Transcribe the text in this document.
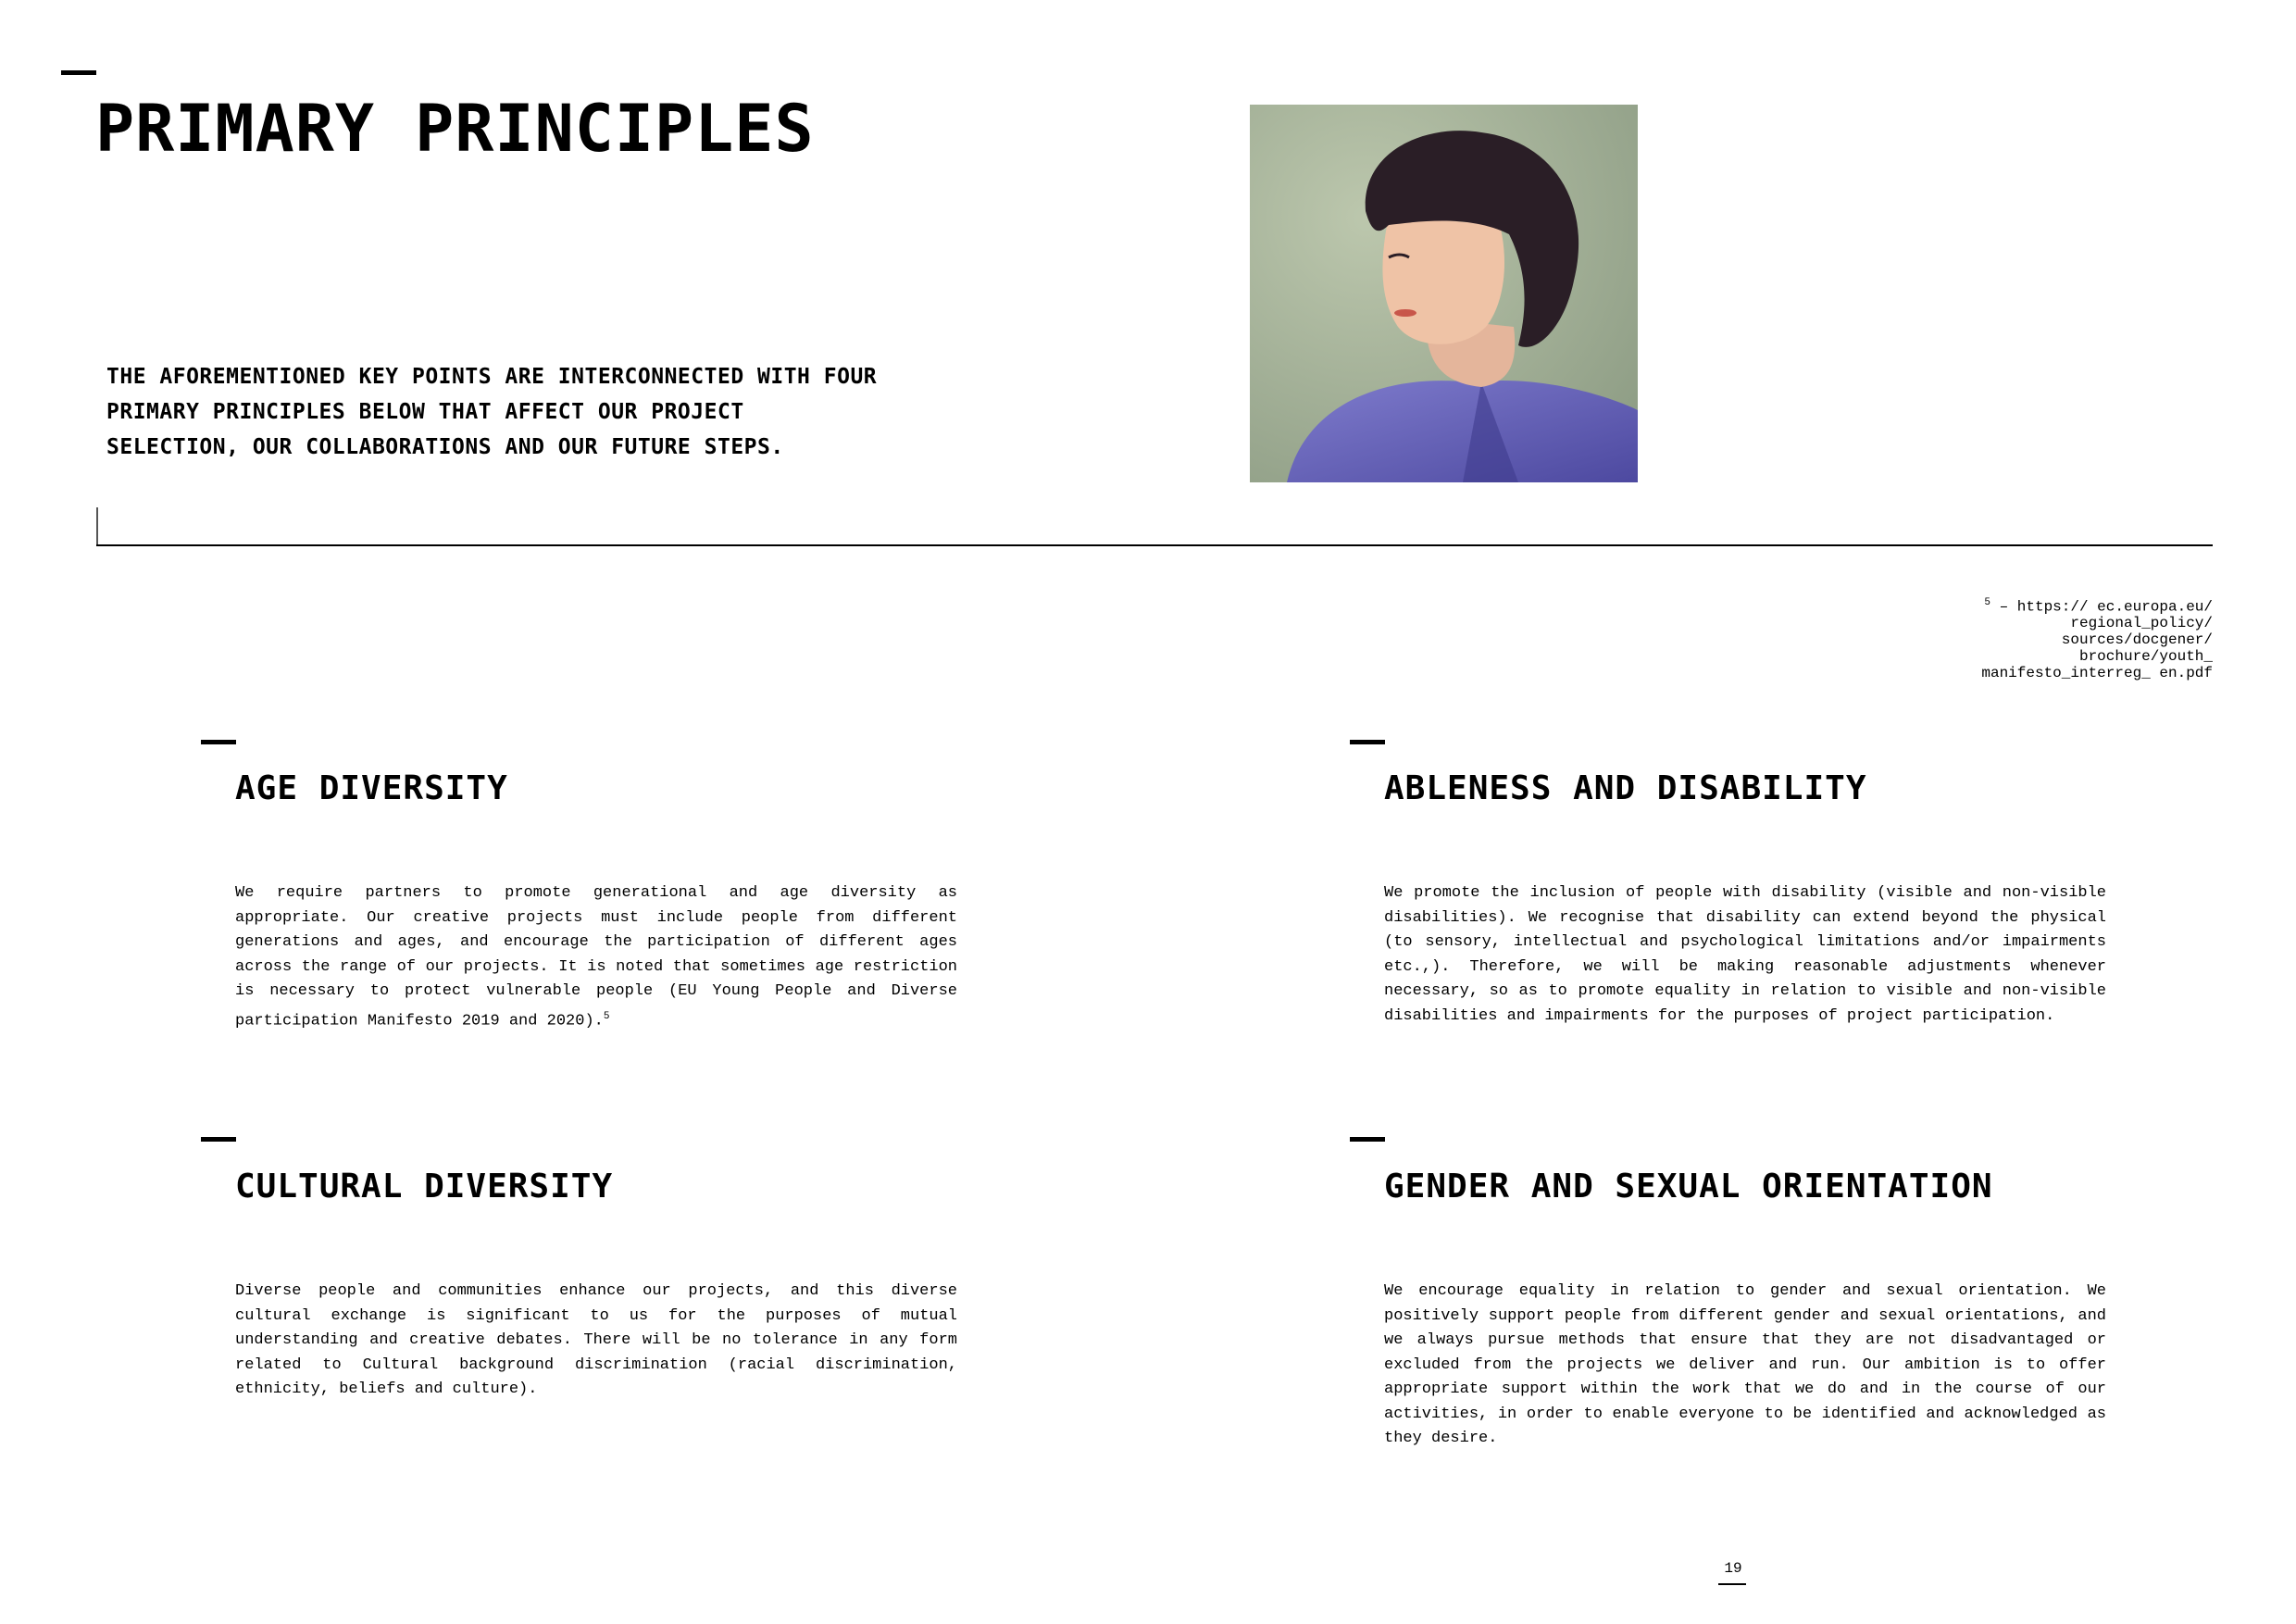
PRIMARY PRINCIPLES

THE AFOREMENTIONED KEY POINTS ARE INTERCONNECTED WITH FOUR PRIMARY PRINCIPLES BELOW THAT AFFECT OUR PROJECT SELECTION, OUR COLLABORATIONS AND OUR FUTURE STEPS.

$^5$ – https:// ec.europa.eu/ regional_policy/ sources/docgener/ brochure/youth_ manifesto_interreg_ en.pdf

AGE DIVERSITY

We require partners to promote generational and age diversity as appropriate. Our creative projects must include people from different generations and ages, and encourage the participation of different ages across the range of our projects. It is noted that sometimes age restriction is necessary to protect vulnerable people (EU Young People and Diverse participation Manifesto 2019 and 2020).$^5$

ABLENESS AND DISABILITY

We promote the inclusion of people with disability (visible and non-visible disabilities). We recognise that disability can extend beyond the physical (to sensory, intellectual and psychological limitations and/or impairments etc.,). Therefore, we will be making reasonable adjustments whenever necessary, so as to promote equality in relation to visible and non-visible disabilities and impairments for the purposes of project participation.

CULTURAL DIVERSITY

Diverse people and communities enhance our projects, and this diverse cultural exchange is significant to us for the purposes of mutual understanding and creative debates. There will be no tolerance in any form related to Cultural background discrimination (racial discrimination, ethnicity, beliefs and culture).

GENDER AND SEXUAL ORIENTATION

We encourage equality in relation to gender and sexual orientation. We positively support people from different gender and sexual orientations, and we always pursue methods that ensure that they are not disadvantaged or excluded from the projects we deliver and run. Our ambition is to offer appropriate support within the work that we do and in the course of our activities, in order to enable everyone to be identified and acknowledged as they desire.

19
